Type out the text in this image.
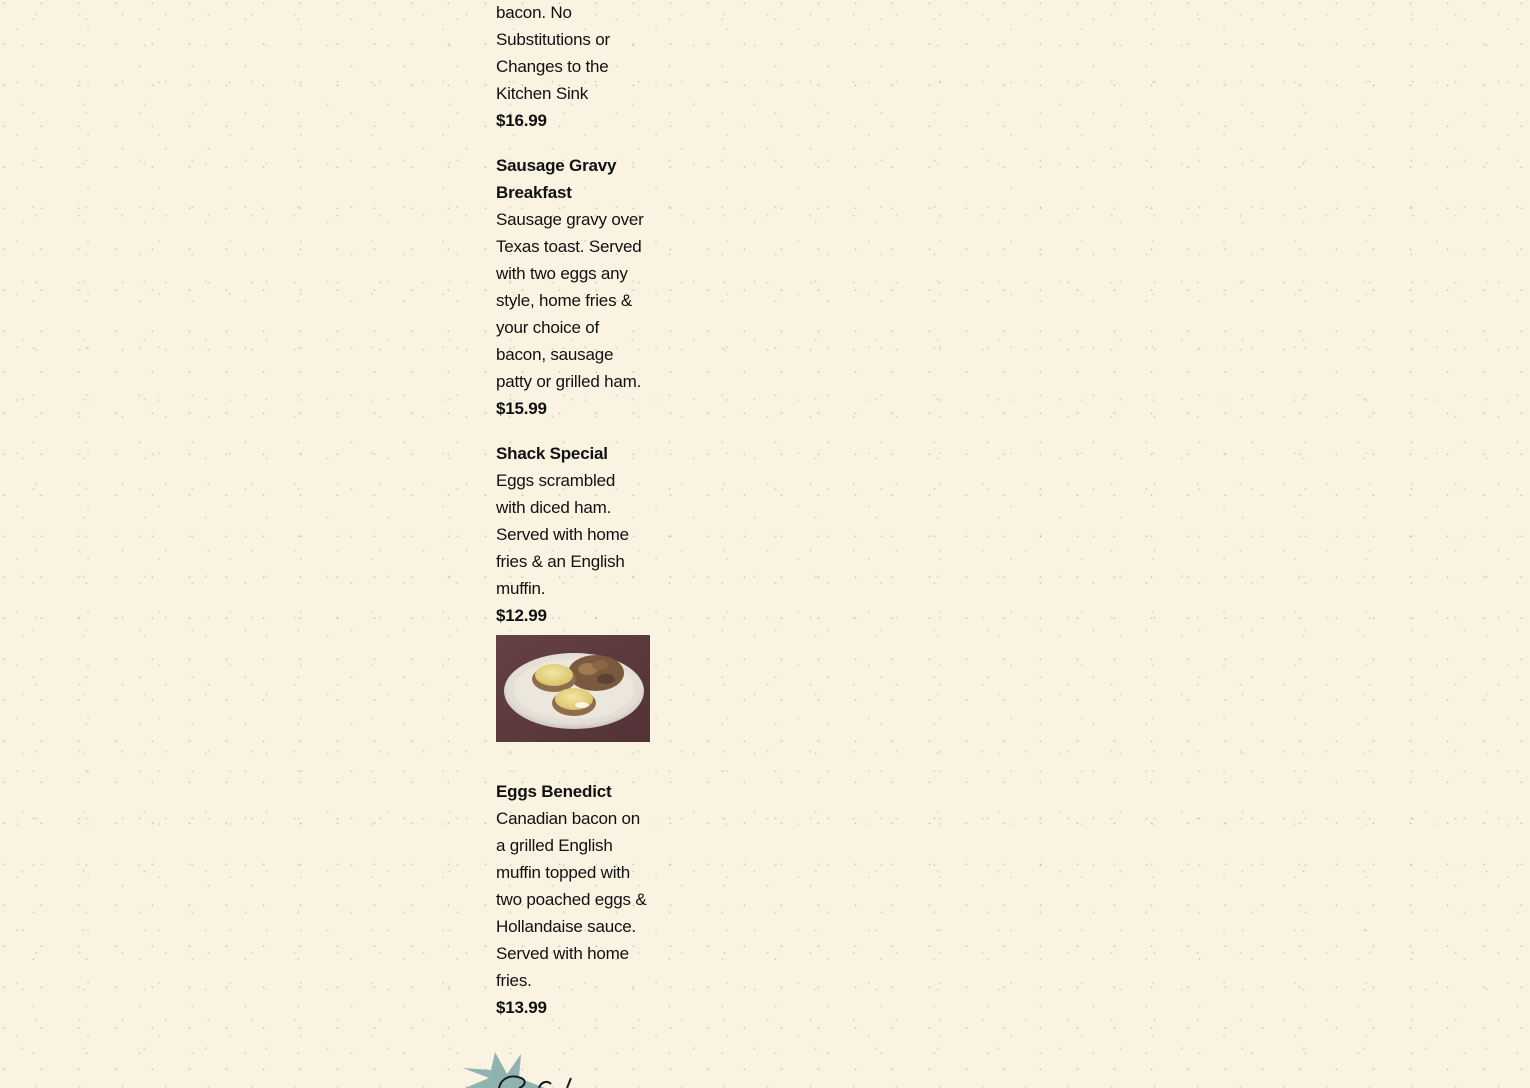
bacon. No
Substitutions or
Changes to the
Kitchen Sink
$16.99
Sausage Gravy
Breakfast
Sausage gravy over
Texas toast. Served
with two eggs any
style, home fries &
your choice of
bacon, sausage
patty or grilled ham.
$15.99
Shack Special
Eggs scrambled
with diced ham.
Served with home
fries & an English
muffin.
$12.99
Eggs Benedict
Canadian bacon on
a grilled English
muffin topped with
two poached eggs &
Hollandaise sauce.
Served with home
fries.
$13.99
